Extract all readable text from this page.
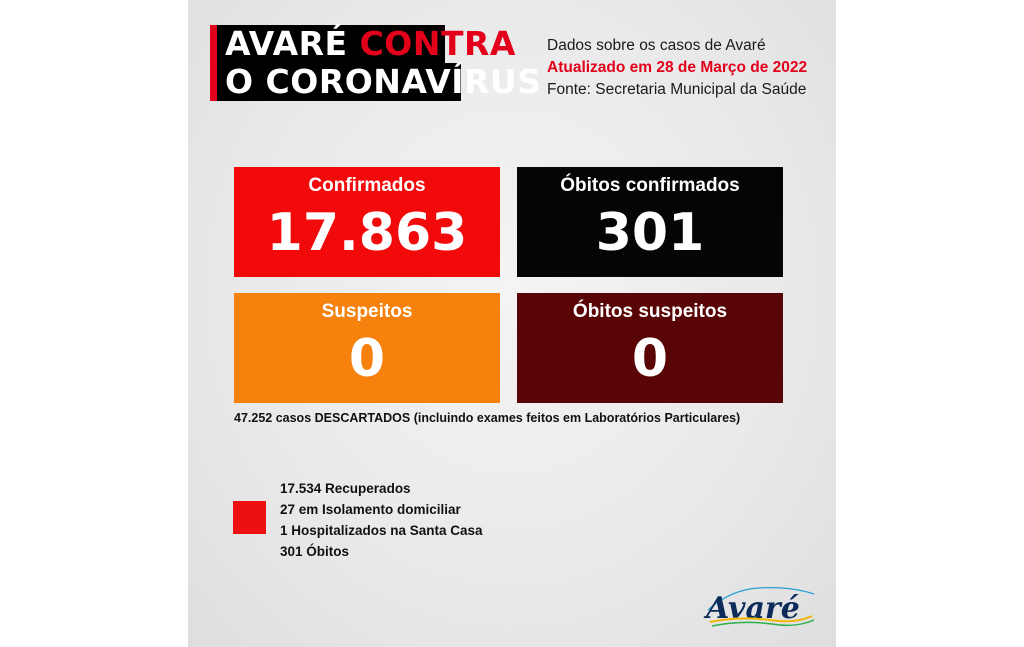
AVARÉ CONTRA
O CORONAVÍRUS
Dados sobre os casos de Avaré
Atualizado em 28 de Março de 2022
Fonte: Secretaria Municipal da Saúde
Confirmados
17.863
Óbitos confirmados
301
Suspeitos
0
Óbitos suspeitos
0
47.252 casos DESCARTADOS (incluindo exames feitos em Laboratórios Particulares)
17.534 Recuperados
27 em Isolamento domiciliar
1 Hospitalizados na Santa Casa
301 Óbitos
Avaré
